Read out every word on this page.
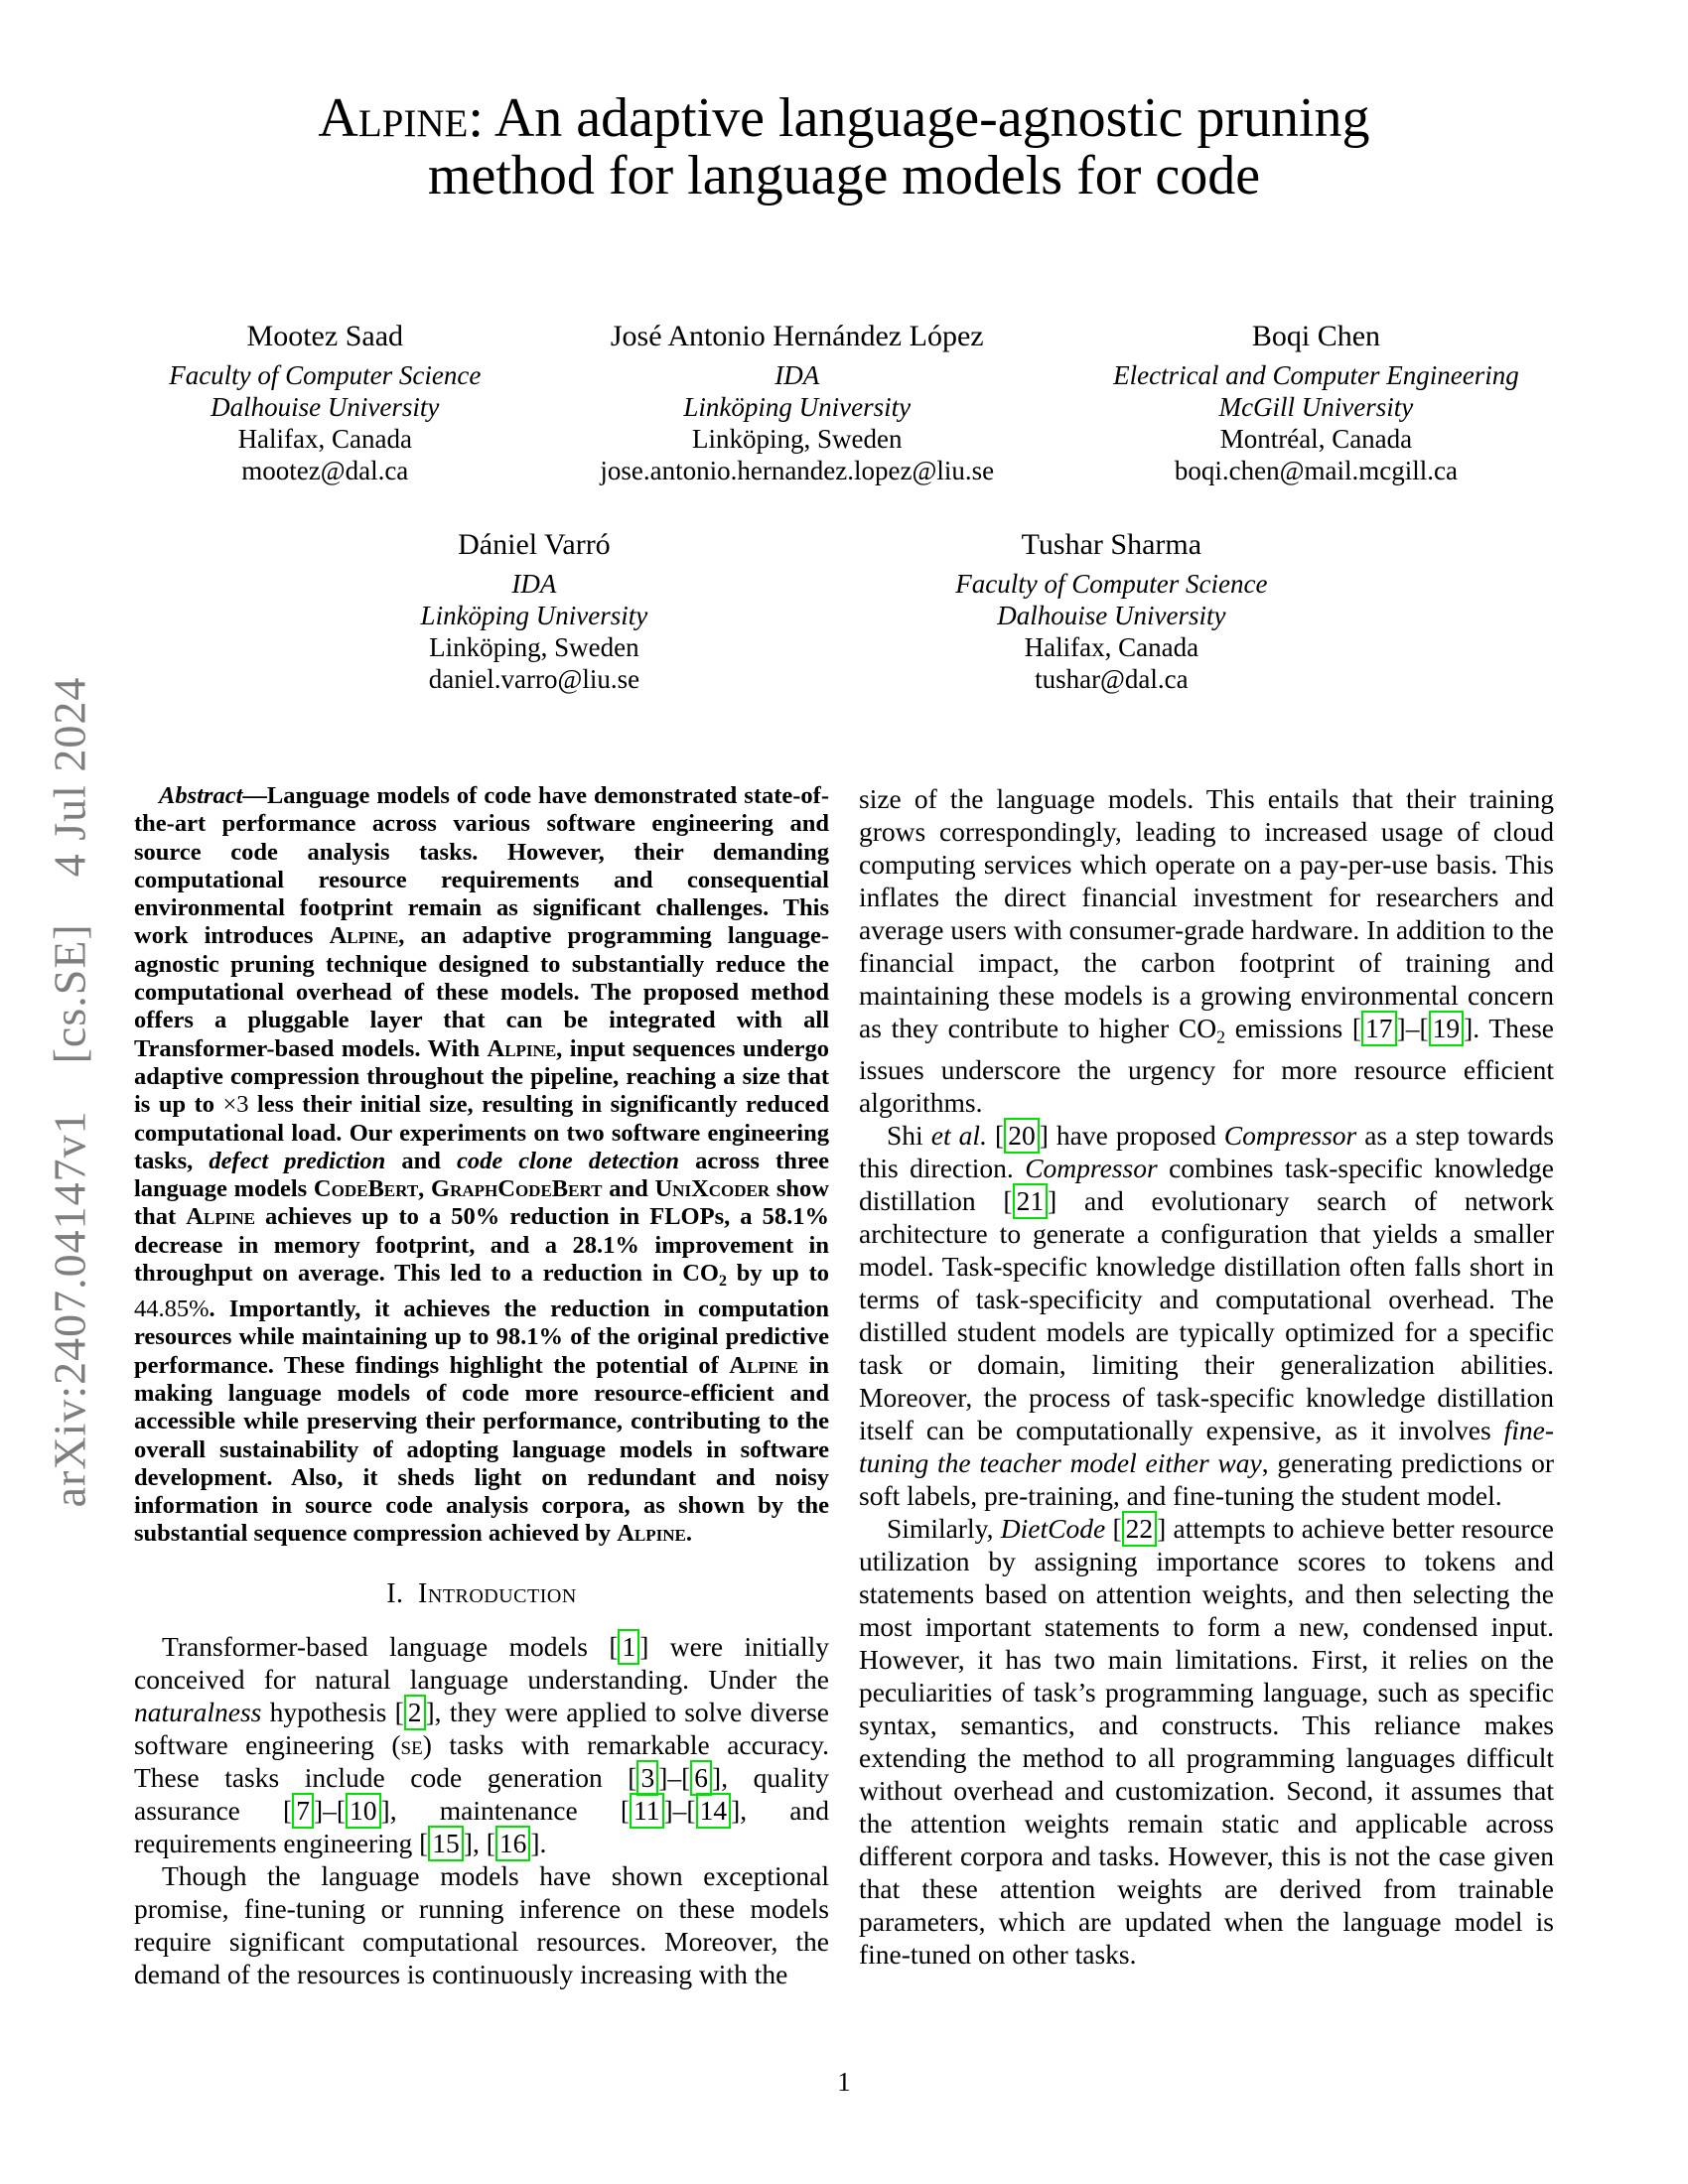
arXiv:2407.04147v1 [cs.SE] 4 Jul 2024
Alpine: An adaptive language-agnostic pruning
method for language models for code
Mootez Saad
Faculty of Computer Science
Dalhouise University
Halifax, Canada
mootez@dal.ca
José Antonio Hernández López
IDA
Linköping University
Linköping, Sweden
jose.antonio.hernandez.lopez@liu.se
Boqi Chen
Electrical and Computer Engineering
McGill University
Montréal, Canada
boqi.chen@mail.mcgill.ca
Dániel Varró
IDA
Linköping University
Linköping, Sweden
daniel.varro@liu.se
Tushar Sharma
Faculty of Computer Science
Dalhouise University
Halifax, Canada
tushar@dal.ca
Abstract—Language models of code have demonstrated state-of-the-art performance across various software engineering and source code analysis tasks. However, their demanding computational resource requirements and consequential environmental footprint remain as significant challenges. This work introduces Alpine, an adaptive programming language-agnostic pruning technique designed to substantially reduce the computational overhead of these models. The proposed method offers a pluggable layer that can be integrated with all Transformer-based models. With Alpine, input sequences undergo adaptive compression throughout the pipeline, reaching a size that is up to ×3 less their initial size, resulting in significantly reduced computational load. Our experiments on two software engineering tasks, defect prediction and code clone detection across three language models CodeBert, GraphCodeBert and UniXcoder show that Alpine achieves up to a 50% reduction in FLOPs, a 58.1% decrease in memory footprint, and a 28.1% improvement in throughput on average. This led to a reduction in CO2 by up to 44.85%. Importantly, it achieves the reduction in computation resources while maintaining up to 98.1% of the original predictive performance. These findings highlight the potential of Alpine in making language models of code more resource-efficient and accessible while preserving their performance, contributing to the overall sustainability of adopting language models in software development. Also, it sheds light on redundant and noisy information in source code analysis corpora, as shown by the substantial sequence compression achieved by Alpine.
I. Introduction

Transformer-based language models [ 1 ] were initially conceived for natural language understanding. Under the naturalness hypothesis [ 2 ], they were applied to solve diverse software engineering (se) tasks with remarkable accuracy. These tasks include code generation [ 3 ]–[ 6 ], quality assurance [ 7 ]–[ 10 ], maintenance [ 11 ]–[ 14 ], and requirements engineering [ 15 ], [ 16 ].

Though the language models have shown exceptional promise, fine-tuning or running inference on these models require significant computational resources. Moreover, the demand of the resources is continuously increasing with the

size of the language models. This entails that their training grows correspondingly, leading to increased usage of cloud computing services which operate on a pay-per-use basis. This inflates the direct financial investment for researchers and average users with consumer-grade hardware. In addition to the financial impact, the carbon footprint of training and maintaining these models is a growing environmental concern as they contribute to higher CO2 emissions [ 17 ]–[ 19 ]. These issues underscore the urgency for more resource efficient algorithms.

Shi et al. [ 20 ] have proposed Compressor as a step towards this direction. Compressor combines task-specific knowledge distillation [ 21 ] and evolutionary search of network architecture to generate a configuration that yields a smaller model. Task-specific knowledge distillation often falls short in terms of task-specificity and computational overhead. The distilled student models are typically optimized for a specific task or domain, limiting their generalization abilities. Moreover, the process of task-specific knowledge distillation itself can be computationally expensive, as it involves fine-tuning the teacher model either way, generating predictions or soft labels, pre-training, and fine-tuning the student model.

Similarly, DietCode [ 22 ] attempts to achieve better resource utilization by assigning importance scores to tokens and statements based on attention weights, and then selecting the most important statements to form a new, condensed input. However, it has two main limitations. First, it relies on the peculiarities of task’s programming language, such as specific syntax, semantics, and constructs. This reliance makes extending the method to all programming languages difficult without overhead and customization. Second, it assumes that the attention weights remain static and applicable across different corpora and tasks. However, this is not the case given that these attention weights are derived from trainable parameters, which are updated when the language model is fine-tuned on other tasks.

1
